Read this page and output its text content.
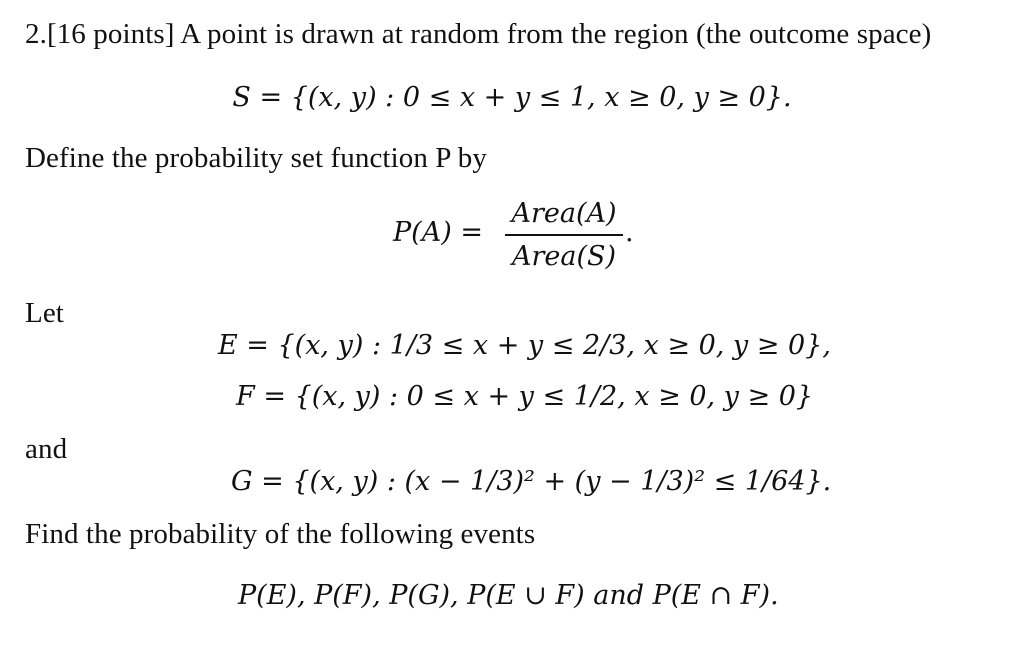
2.[16 points] A point is drawn at random from the region (the outcome space)
S = {(x, y) : 0 ≤ x + y ≤ 1, x ≥ 0, y ≥ 0}.
Define the probability set function P by
P(A) =
Area(A)
Area(S)
.
Let
E = {(x, y) : 1/3 ≤ x + y ≤ 2/3, x ≥ 0, y ≥ 0},
F = {(x, y) : 0 ≤ x + y ≤ 1/2, x ≥ 0, y ≥ 0}
and
G = {(x, y) : (x − 1/3)² + (y − 1/3)² ≤ 1/64}.
Find the probability of the following events
P(E), P(F), P(G), P(E ∪ F) and P(E ∩ F).
